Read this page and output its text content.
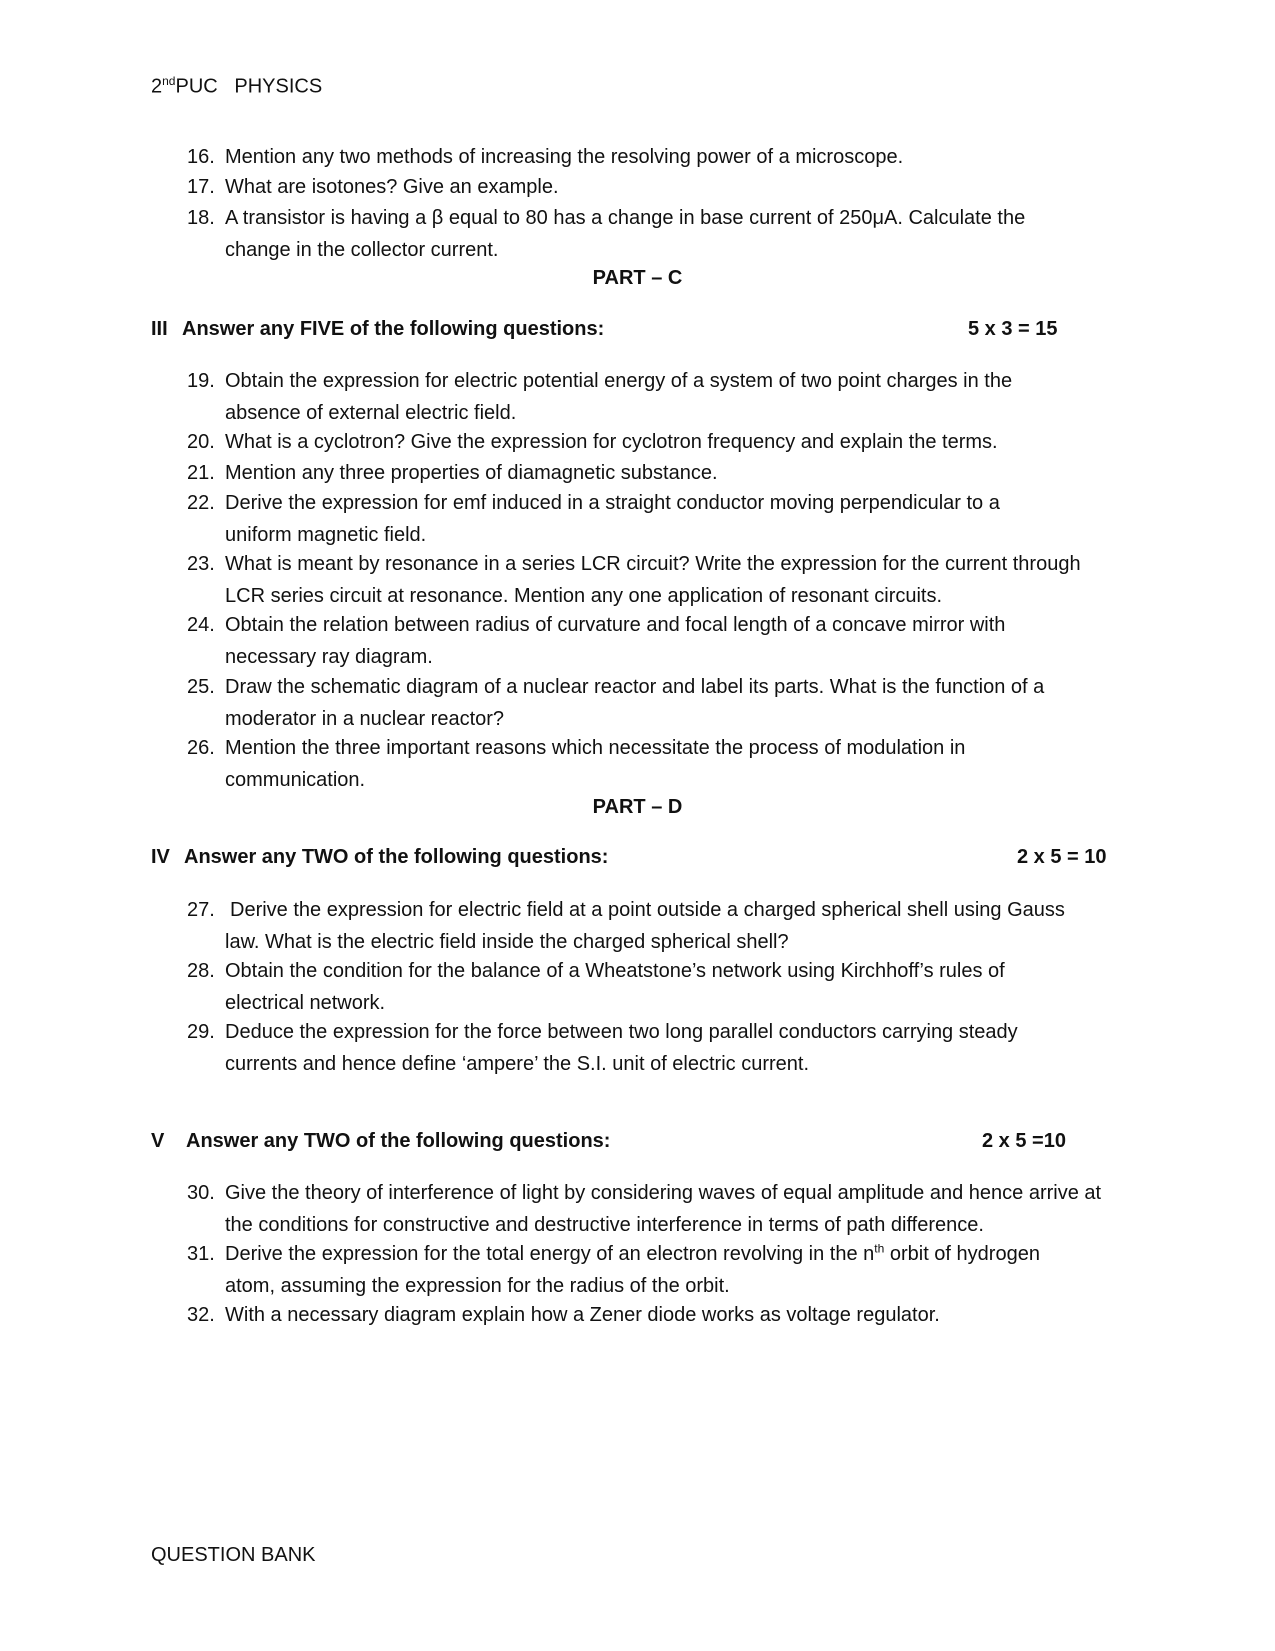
2ndPUC   PHYSICS
16. Mention any two methods of increasing the resolving power of a microscope.
17. What are isotones? Give an example.
18. A transistor is having a β equal to 80 has a change in base current of 250μA. Calculate the change in the collector current.
PART – C
III Answer any FIVE of the following questions:	5 x 3 = 15
19. Obtain the expression for electric potential energy of a system of two point charges in the absence of external electric field.
20. What is a cyclotron? Give the expression for cyclotron frequency and explain the terms.
21. Mention any three properties of diamagnetic substance.
22. Derive the expression for emf induced in a straight conductor moving perpendicular to a uniform magnetic field.
23. What is meant by resonance in a series LCR circuit? Write the expression for the current through LCR series circuit at resonance. Mention any one application of resonant circuits.
24. Obtain the relation between radius of curvature and focal length of a concave mirror with necessary ray diagram.
25. Draw the schematic diagram of a nuclear reactor and label its parts. What is the function of a moderator in a nuclear reactor?
26. Mention the three important reasons which necessitate the process of modulation in communication.
PART – D
IV Answer any TWO of the following questions:	2 x 5 = 10
27. Derive the expression for electric field at a point outside a charged spherical shell using Gauss law. What is the electric field inside the charged spherical shell?
28. Obtain the condition for the balance of a Wheatstone’s network using Kirchhoff’s rules of electrical network.
29. Deduce the expression for the force between two long parallel conductors carrying steady currents and hence define ‘ampere’ the S.I. unit of electric current.
V Answer any TWO of the following questions:	2 x 5 =10
30. Give the theory of interference of light by considering waves of equal amplitude and hence arrive at the conditions for constructive and destructive interference in terms of path difference.
31. Derive the expression for the total energy of an electron revolving in the $n^{th}$ orbit of hydrogen atom, assuming the expression for the radius of the orbit.
32. With a necessary diagram explain how a Zener diode works as voltage regulator.
QUESTION BANK
